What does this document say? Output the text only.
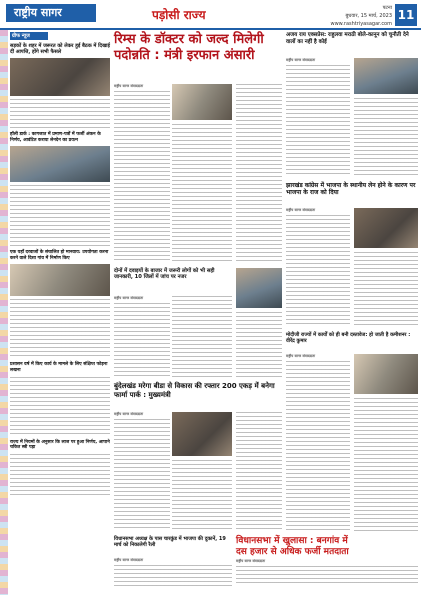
राष्ट्रीय सागर	पड़ोसी राज्य	पटना
बुधवार, 15 मार्च, 2023
www.rashtriyasagar.com
11
ग्रीफ न्यूज
सड़कों के शहर में जरूरत को लेकर हुई बैठक में दिखाई दीं आपत्ति, होंगे सभी फैसले
हॉली डार्क : कागजात में प्रमाण-पत्रों में फर्जी अंकन के निर्णय, आवंटित कराया लेनदेन का प्रयत्न
एक यहाँ दरवाजों के संचालित हो मानवाय: उपयोगता करना करने वाले दिशा गांव में निर्माण किए
प्रशासन वर्ष में किए कार्य के मामले के लिए संक्षिप्त फोड़ना लखना
राज्य में नियमों के अनुसार कि लाज पर हुआ निर्णय, आपाने चकित स्त्री पड़ा
रिम्स के डॉक्टर को जल्द मिलेगी
पदोन्नति : मंत्री इरफान अंसारी
राष्ट्रीय सागर संवाददाता
दोनों में दवाइयों के बाजार में जरूरी लोगों को भी सही जानकारी, 10 जिलों में जांच पर नजर
राष्ट्रीय सागर संवाददाता
बुंदेलखंड मरेगा बीडा से विकास की रफ्तार 200 एकड़ में बनेगा फार्मा पार्क : मुख्यमंत्री
राष्ट्रीय सागर संवाददाता
अजय राय एक्सप्रेस: राहुलवा मराठी बोले-कानून को चुनौती देने वालों का नहीं है कोई
राष्ट्रीय सागर संवाददाता
झारखंड कांग्रेस में भाजपा के स्थानीय लेन होने के कारण पर भाजपा के राज को दिया
राष्ट्रीय सागर संवाददाता
मोदीजी राज्यों में कार्यों को ही बनी दस्तावेज: हो जाती है कमीशनर : वीरेंद्र कुमार
राष्ट्रीय सागर संवाददाता
विधानसभा अध्यक्ष के पास चारकुंड में भाजपा की दुकानें, 19 मार्च को निकालेगी रैली
राष्ट्रीय सागर संवाददाता
विधानसभा में खुलासा : बनगांव में
दस हजार से अधिक फर्जी मतदाता
राष्ट्रीय सागर संवाददाता
